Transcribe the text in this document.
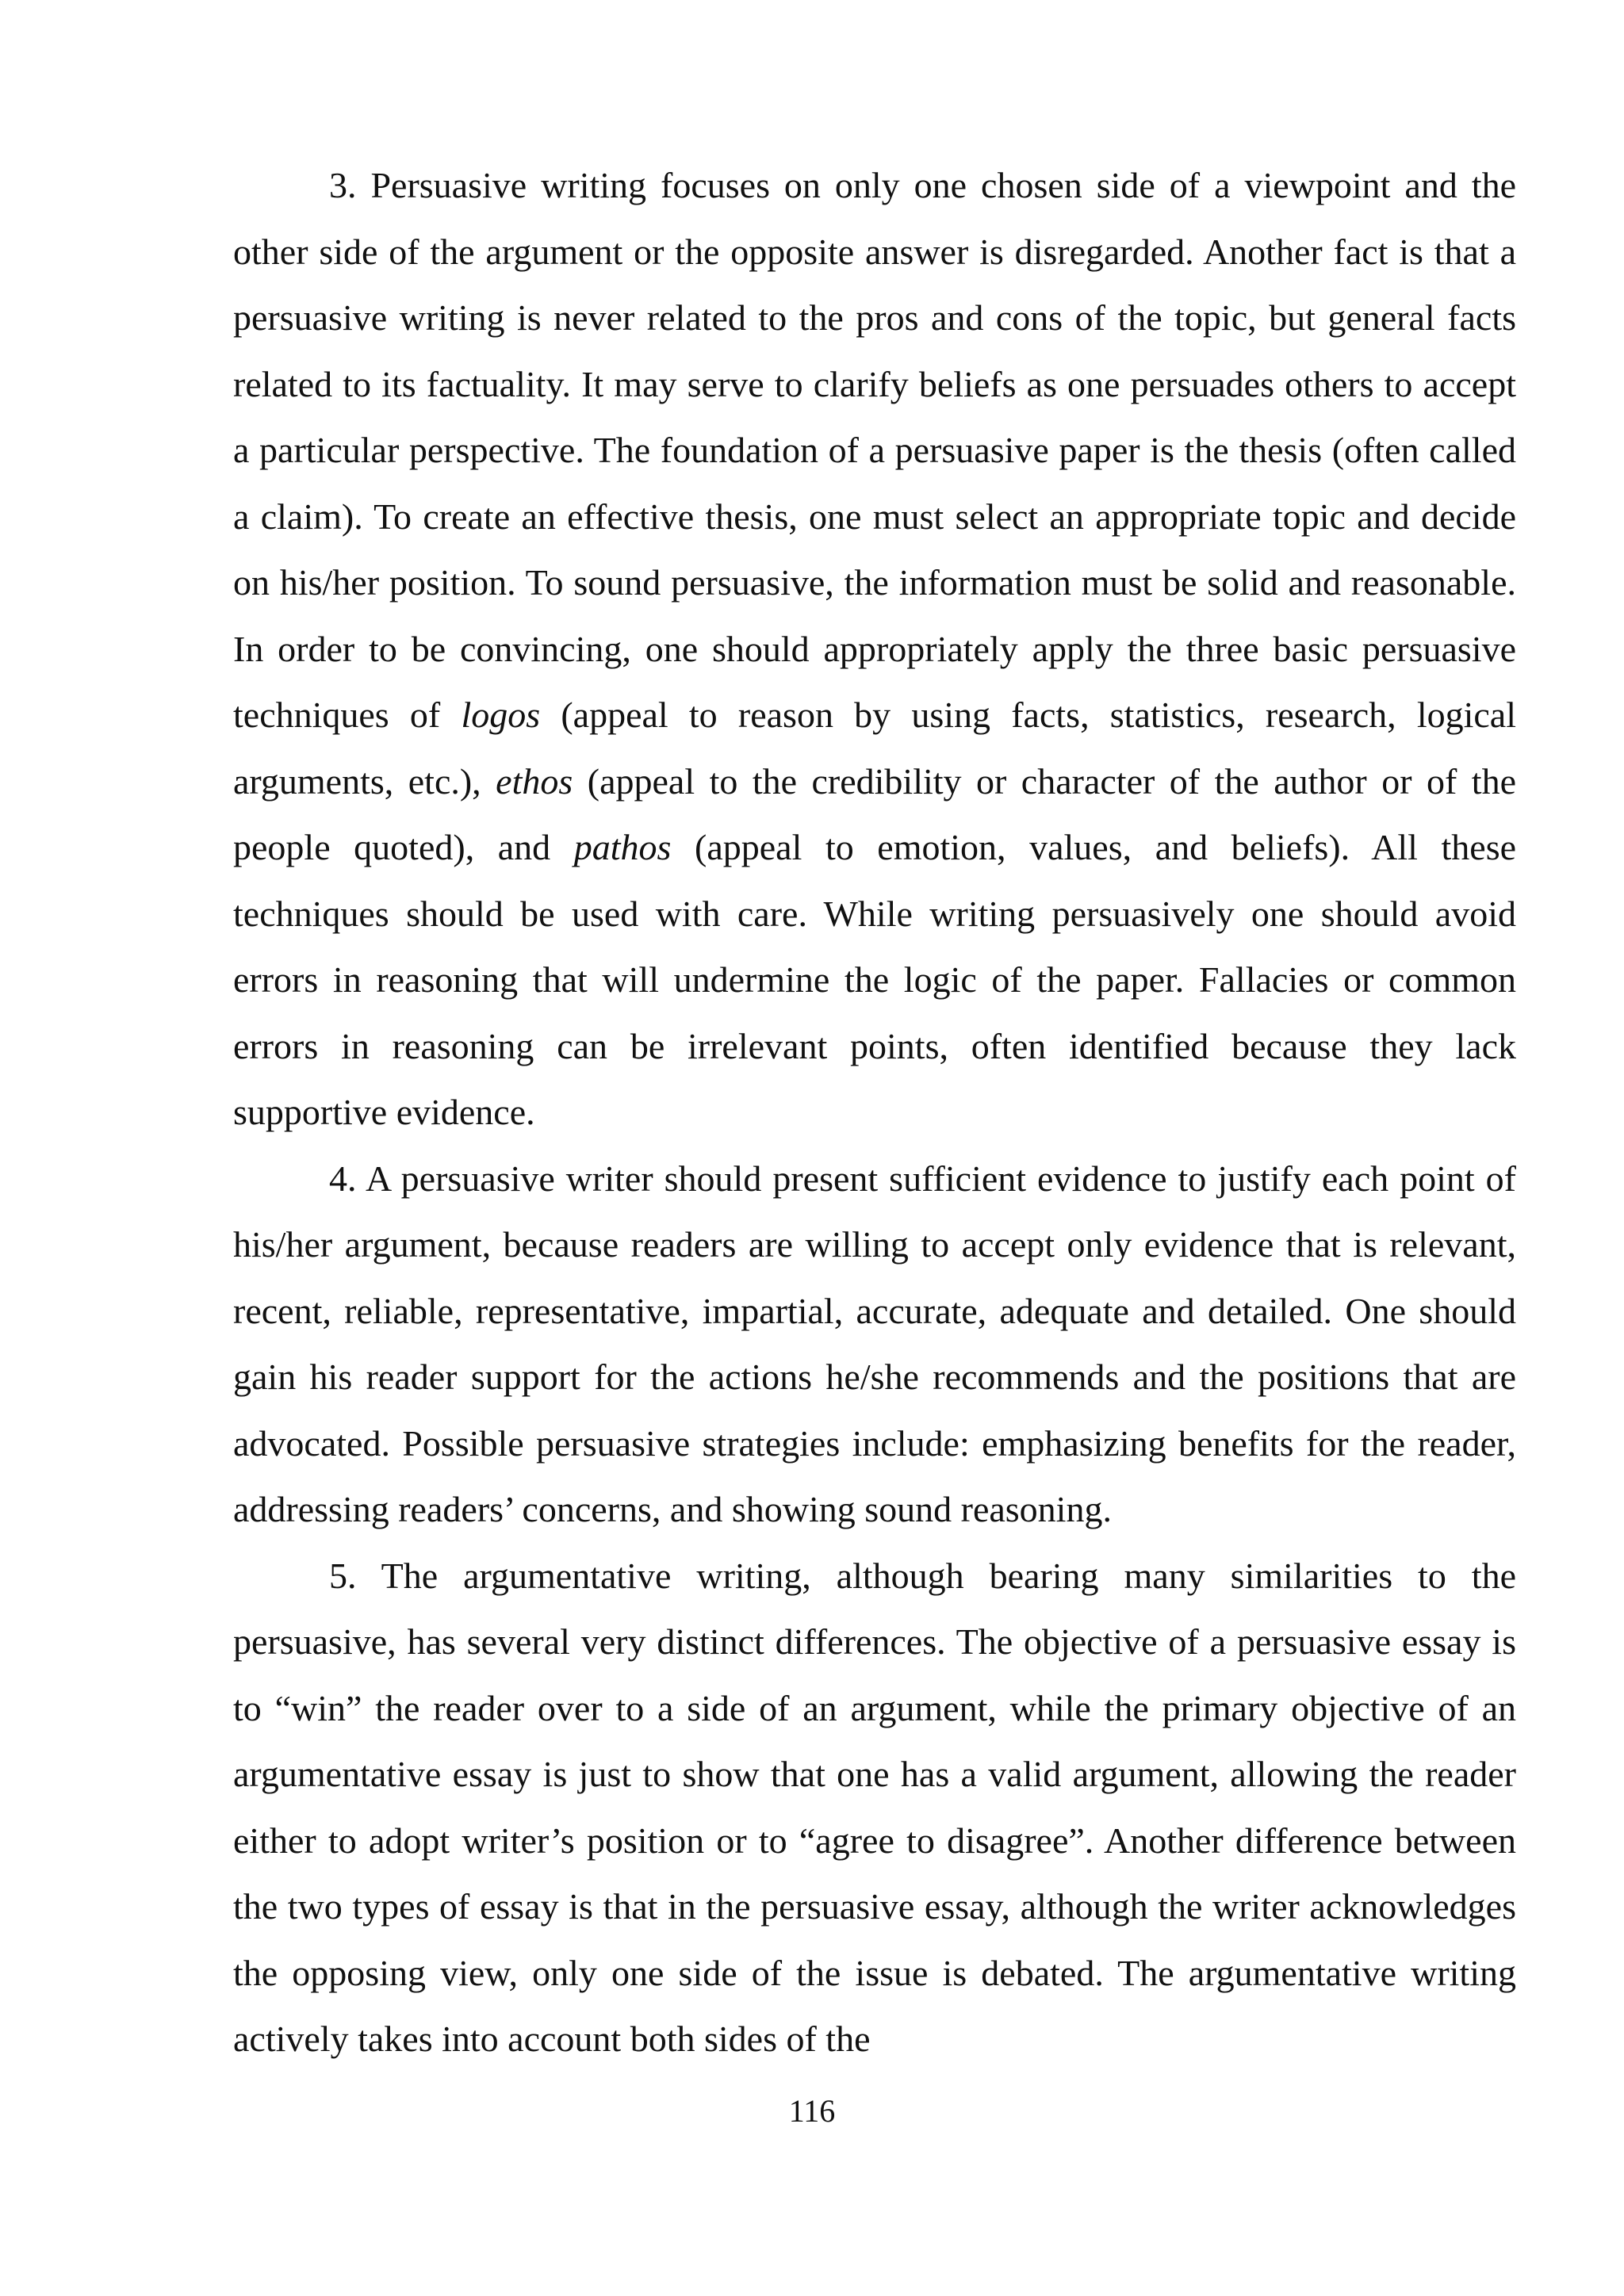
3. Persuasive writing focuses on only one chosen side of a viewpoint and the other side of the argument or the opposite answer is disregarded. Another fact is that a persuasive writing is never related to the pros and cons of the topic, but general facts related to its factuality. It may serve to clarify beliefs as one persuades others to accept a particular perspective. The foundation of a persuasive paper is the thesis (often called a claim). To create an effective thesis, one must select an appropriate topic and decide on his/her position. To sound persuasive, the information must be solid and reasonable. In order to be convincing, one should appropriately apply the three basic persuasive techniques of logos (appeal to reason by using facts, statistics, research, logical arguments, etc.), ethos (appeal to the credibility or character of the author or of the people quoted), and pathos (appeal to emotion, values, and beliefs). All these techniques should be used with care. While writing persuasively one should avoid errors in reasoning that will undermine the logic of the paper. Fallacies or common errors in reasoning can be irrelevant points, often identified because they lack supportive evidence.

4. A persuasive writer should present sufficient evidence to justify each point of his/her argument, because readers are willing to accept only evidence that is relevant, recent, reliable, representative, impartial, accurate, adequate and detailed. One should gain his reader support for the actions he/she recommends and the positions that are advocated. Possible persuasive strategies include: emphasizing benefits for the reader, addressing readers’ concerns, and showing sound reasoning.

5. The argumentative writing, although bearing many similarities to the persuasive, has several very distinct differences. The objective of a persuasive essay is to “win” the reader over to a side of an argument, while the primary objective of an argumentative essay is just to show that one has a valid argument, allowing the reader either to adopt writer’s position or to “agree to disagree”. Another difference between the two types of essay is that in the persuasive essay, although the writer acknowledges the opposing view, only one side of the issue is debated. The argumentative writing actively takes into account both sides of the

116
